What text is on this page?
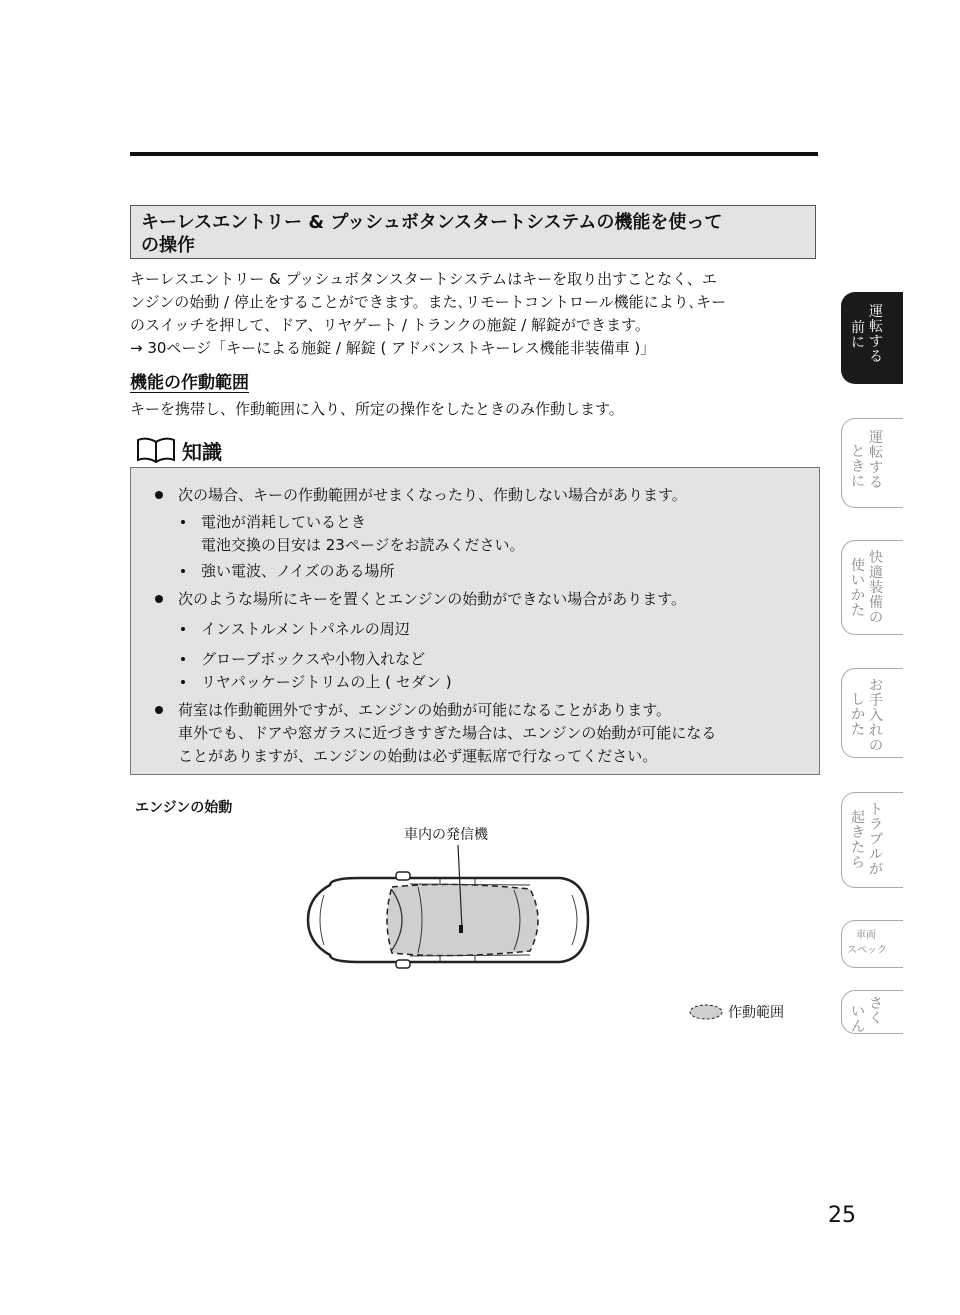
キーレスエントリー & プッシュボタンスタートシステムの機能を使って

の操作

キーレスエントリー & プッシュボタンスタートシステムはキーを取り出すことなく、エ

ンジンの始動 / 停止をすることができます。また､リモートコントロール機能により､キー

のスイッチを押して、ドア、リヤゲート / トランクの施錠 / 解錠ができます。

→ 30ページ「キーによる施錠 / 解錠 ( アドバンストキーレス機能非装備車 )」

機能の作動範囲
キーを携帯し、作動範囲に入り、所定の操作をしたときのみ作動します。
知識
次の場合、キーの作動範囲がせまくなったり、作動しない場合があります。
電池が消耗しているとき
電池交換の目安は 23ページをお読みください。
強い電波、ノイズのある場所
次のような場所にキーを置くとエンジンの始動ができない場合があります。
インストルメントパネルの周辺
グローブボックスや小物入れなど
リヤパッケージトリムの上 ( セダン )
荷室は作動範囲外ですが、エンジンの始動が可能になることがあります。
車外でも、ドアや窓ガラスに近づきすぎた場合は、エンジンの始動が可能になる
ことがありますが、エンジンの始動は必ず運転席で行なってください。
エンジンの始動
車内の発信機
作動範囲
前に
運転する
ときに
運転する
使いかた
快適装備の
しかた
お手入れの
起きたら
トラブルが
車両
スペック
いん
さく
25
